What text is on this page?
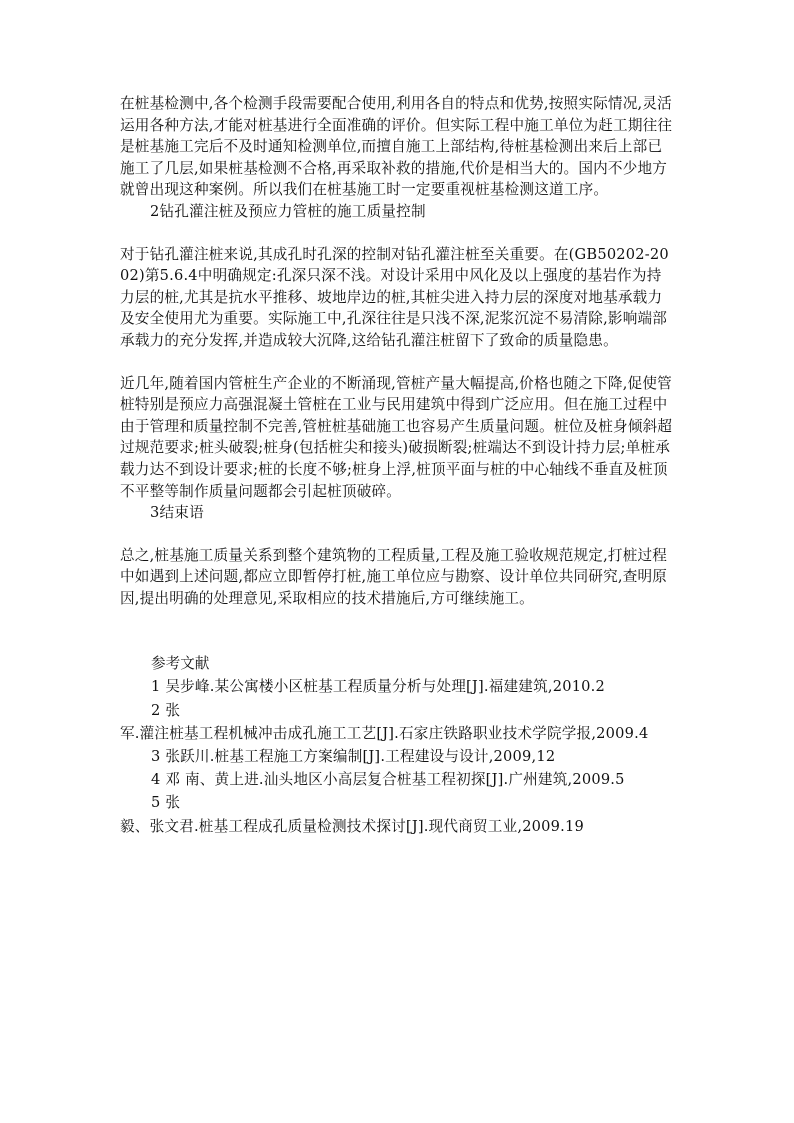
在桩基检测中,各个检测手段需要配合使用,利用各自的特点和优势,按照实际情况,灵活运用各种方法,才能对桩基进行全面准确的评价。但实际工程中施工单位为赶工期往往是桩基施工完后不及时通知检测单位,而擅自施工上部结构,待桩基检测出来后上部已施工了几层,如果桩基检测不合格,再采取补救的措施,代价是相当大的。国内不少地方就曾出现这种案例。所以我们在桩基施工时一定要重视桩基检测这道工序。

2钻孔灌注桩及预应力管桩的施工质量控制

对于钻孔灌注桩来说,其成孔时孔深的控制对钻孔灌注桩至关重要。在(GB50202-2002)第5.6.4中明确规定:孔深只深不浅。对设计采用中风化及以上强度的基岩作为持力层的桩,尤其是抗水平推移、坡地岸边的桩,其桩尖进入持力层的深度对地基承载力及安全使用尤为重要。实际施工中,孔深往往是只浅不深,泥浆沉淀不易清除,影响端部承载力的充分发挥,并造成较大沉降,这给钻孔灌注桩留下了致命的质量隐患。

近几年,随着国内管桩生产企业的不断涌现,管桩产量大幅提高,价格也随之下降,促使管桩特别是预应力高强混凝土管桩在工业与民用建筑中得到广泛应用。但在施工过程中由于管理和质量控制不完善,管桩桩基础施工也容易产生质量问题。桩位及桩身倾斜超过规范要求;桩头破裂;桩身(包括桩尖和接头)破损断裂;桩端达不到设计持力层;单桩承载力达不到设计要求;桩的长度不够;桩身上浮,桩顶平面与桩的中心轴线不垂直及桩顶不平整等制作质量问题都会引起桩顶破碎。

3结束语

总之,桩基施工质量关系到整个建筑物的工程质量,工程及施工验收规范规定,打桩过程中如遇到上述问题,都应立即暂停打桩,施工单位应与勘察、设计单位共同研究,查明原因,提出明确的处理意见,采取相应的技术措施后,方可继续施工。

参考文献

1 吴步峰.某公寓楼小区桩基工程质量分析与处理[J].福建建筑,2010.2
2 张
军.灌注桩基工程机械冲击成孔施工工艺[J].石家庄铁路职业技术学院学报,2009.4
3 张跃川.桩基工程施工方案编制[J].工程建设与设计,2009,12
4 邓 南、黄上进.汕头地区小高层复合桩基工程初探[J].广州建筑,2009.5
5 张
毅、张文君.桩基工程成孔质量检测技术探讨[J].现代商贸工业,2009.19
